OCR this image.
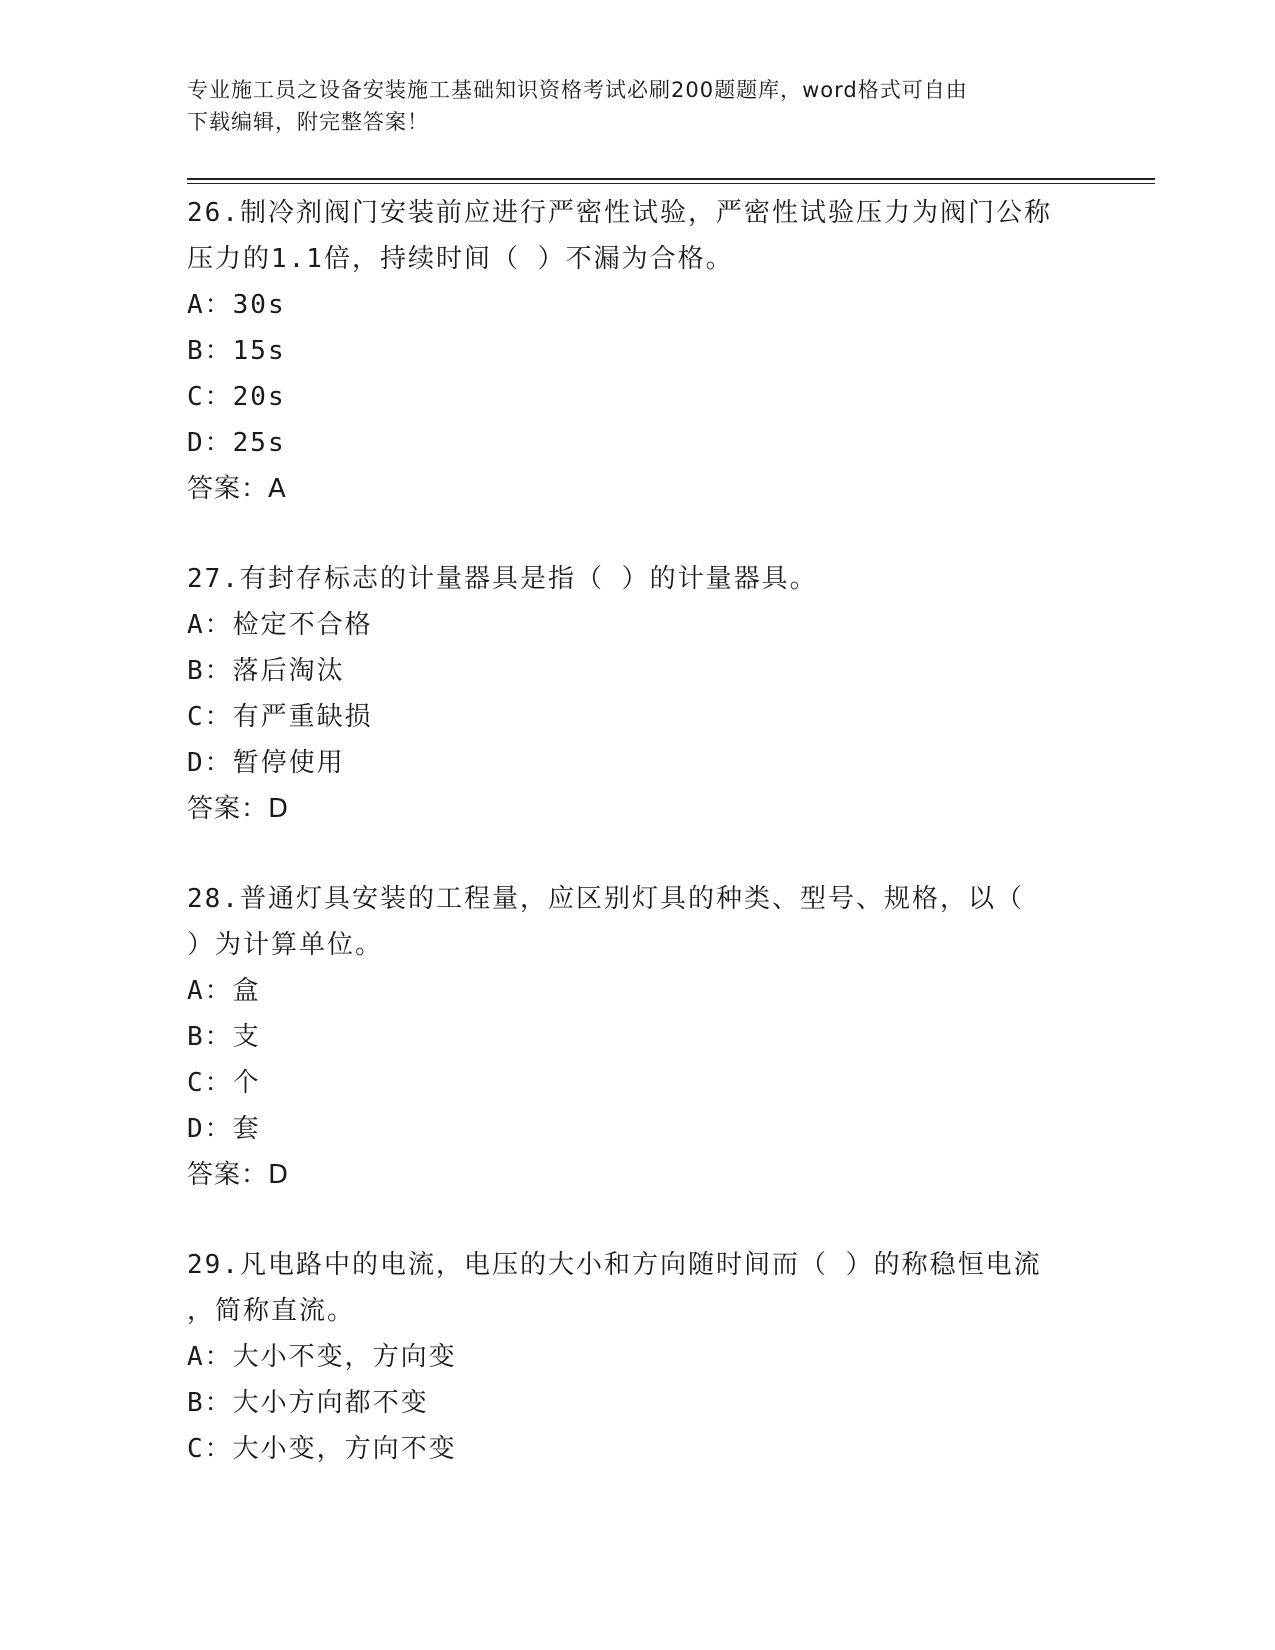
专业施工员之设备安装施工基础知识资格考试必刷200题题库，word格式可自由
下载编辑，附完整答案！
26.制冷剂阀门安装前应进行严密性试验，严密性试验压力为阀门公称
压力的1.1倍，持续时间（ ）不漏为合格。
A：30s
B：15s
C：20s
D：25s
答案：A
27.有封存标志的计量器具是指（ ）的计量器具。
A：检定不合格
B：落后淘汰
C：有严重缺损
D：暂停使用
答案：D
28.普通灯具安装的工程量，应区别灯具的种类、型号、规格，以（
）为计算单位。
A：盒
B：支
C：个
D：套
答案：D
29.凡电路中的电流，电压的大小和方向随时间而（ ）的称稳恒电流
，简称直流。
A：大小不变，方向变
B：大小方向都不变
C：大小变，方向不变
